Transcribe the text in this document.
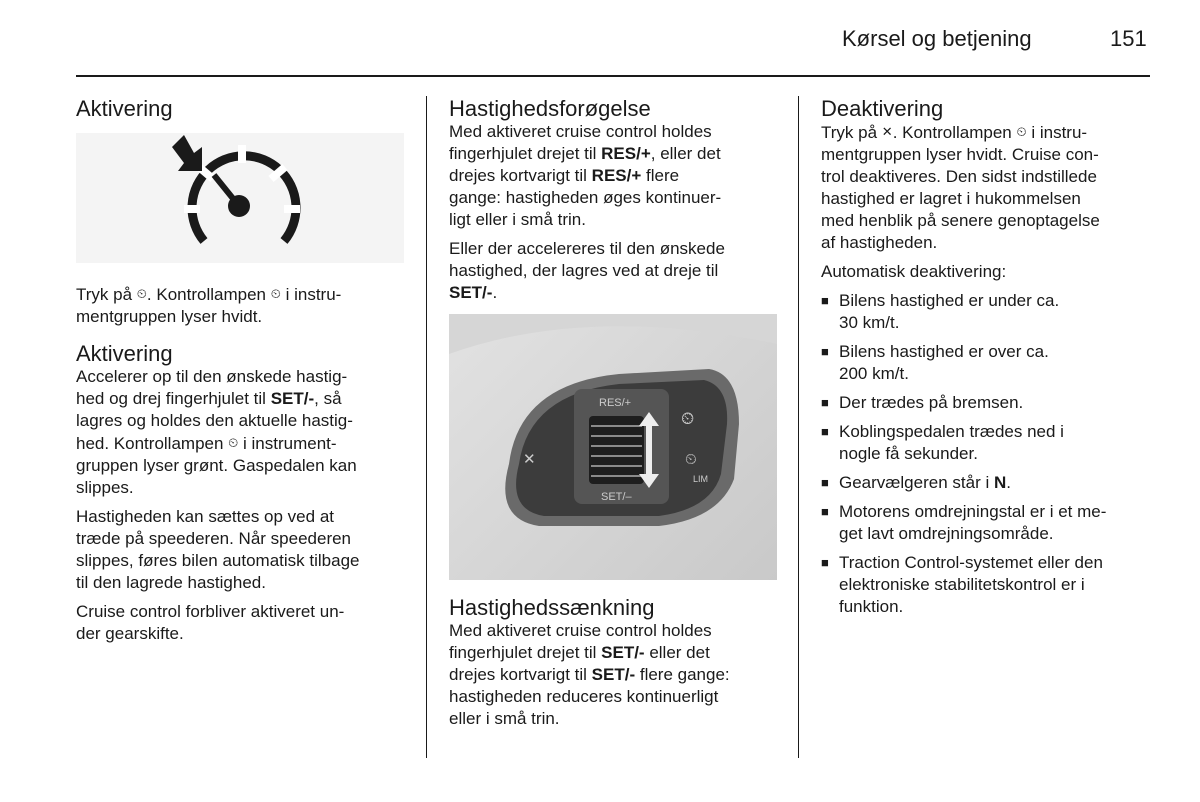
Kørsel og betjening	151
Aktivering

Tryk på ⏲. Kontrollampen ⏲ i instru-
mentgruppen lyser hvidt.

Aktivering

Accelerer op til den ønskede hastig-
hed og drej fingerhjulet til SET/-, så
lagres og holdes den aktuelle hastig-
hed. Kontrollampen ⏲ i instrument-
gruppen lyser grønt. Gaspedalen kan
slippes.

Hastigheden kan sættes op ved at
træde på speederen. Når speederen
slippes, føres bilen automatisk tilbage
til den lagrede hastighed.

Cruise control forbliver aktiveret un-
der gearskifte.

Hastighedsforøgelse

Med aktiveret cruise control holdes
fingerhjulet drejet til RES/+, eller det
drejes kortvarigt til RES/+ flere
gange: hastigheden øges kontinuer-
ligt eller i små trin.

Eller der accelereres til den ønskede
hastighed, der lagres ved at dreje til
SET/-.

RES/+
SET/–
LIM
✕
⏲
⏲
Hastighedssænkning

Med aktiveret cruise control holdes
fingerhjulet drejet til SET/- eller det
drejes kortvarigt til SET/- flere gange:
hastigheden reduceres kontinuerligt
eller i små trin.

Deaktivering

Tryk på ✕. Kontrollampen ⏲ i instru-
mentgruppen lyser hvidt. Cruise con-
trol deaktiveres. Den sidst indstillede
hastighed er lagret i hukommelsen
med henblik på senere genoptagelse
af hastigheden.

Automatisk deaktivering:

■ Bilens hastighed er under ca.
30 km/t.
■ Bilens hastighed er over ca.
200 km/t.
■ Der trædes på bremsen.
■ Koblingspedalen trædes ned i
nogle få sekunder.
■ Gearvælgeren står i N.
■ Motorens omdrejningstal er i et me-
get lavt omdrejningsområde.
■ Traction Control-systemet eller den
elektroniske stabilitetskontrol er i
funktion.
